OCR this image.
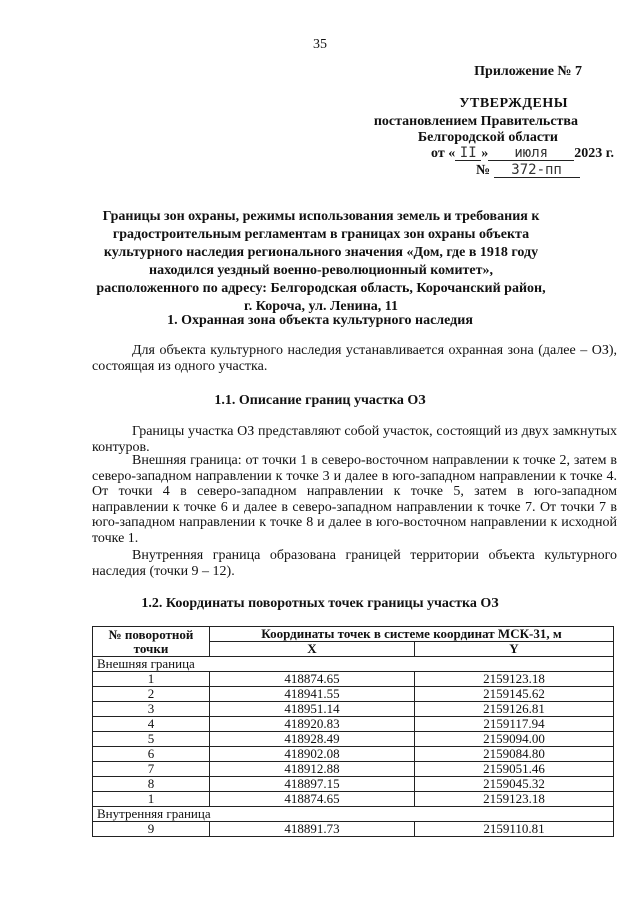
35
Приложение № 7
УТВЕРЖДЕНЫ
постановлением Правительства
Белгородской области
от « II » июля 2023 г.
№ 372-пп
Границы зон охраны, режимы использования земель и требования к градостроительным регламентам в границах зон охраны объекта культурного наследия регионального значения «Дом, где в 1918 году находился уездный военно-революционный комитет», расположенного по адресу: Белгородская область, Корочанский район, г. Короча, ул. Ленина, 11
1. Охранная зона объекта культурного наследия
Для объекта культурного наследия устанавливается охранная зона (далее – ОЗ), состоящая из одного участка.
1.1. Описание границ участка ОЗ
Границы участка ОЗ представляют собой участок, состоящий из двух замкнутых контуров.
Внешняя граница: от точки 1 в северо-восточном направлении к точке 2, затем в северо-западном направлении к точке 3 и далее в юго-западном направлении к точке 4. От точки 4 в северо-западном направлении к точке 5, затем в юго-западном направлении к точке 6 и далее в северо-западном направлении к точке 7. От точки 7 в юго-западном направлении к точке 8 и далее в юго-восточном направлении к исходной точке 1.
Внутренняя граница образована границей территории объекта культурного наследия (точки 9 – 12).
1.2. Координаты поворотных точек границы участка ОЗ
№ поворотной
точки	Координаты точек в системе координат МСК-31, м	
	X	Y
Внешняя граница		
1	418874.65	2159123.18
2	418941.55	2159145.62
3	418951.14	2159126.81
4	418920.83	2159117.94
5	418928.49	2159094.00
6	418902.08	2159084.80
7	418912.88	2159051.46
8	418897.15	2159045.32
1	418874.65	2159123.18
Внутренняя граница		
9	418891.73	2159110.81
